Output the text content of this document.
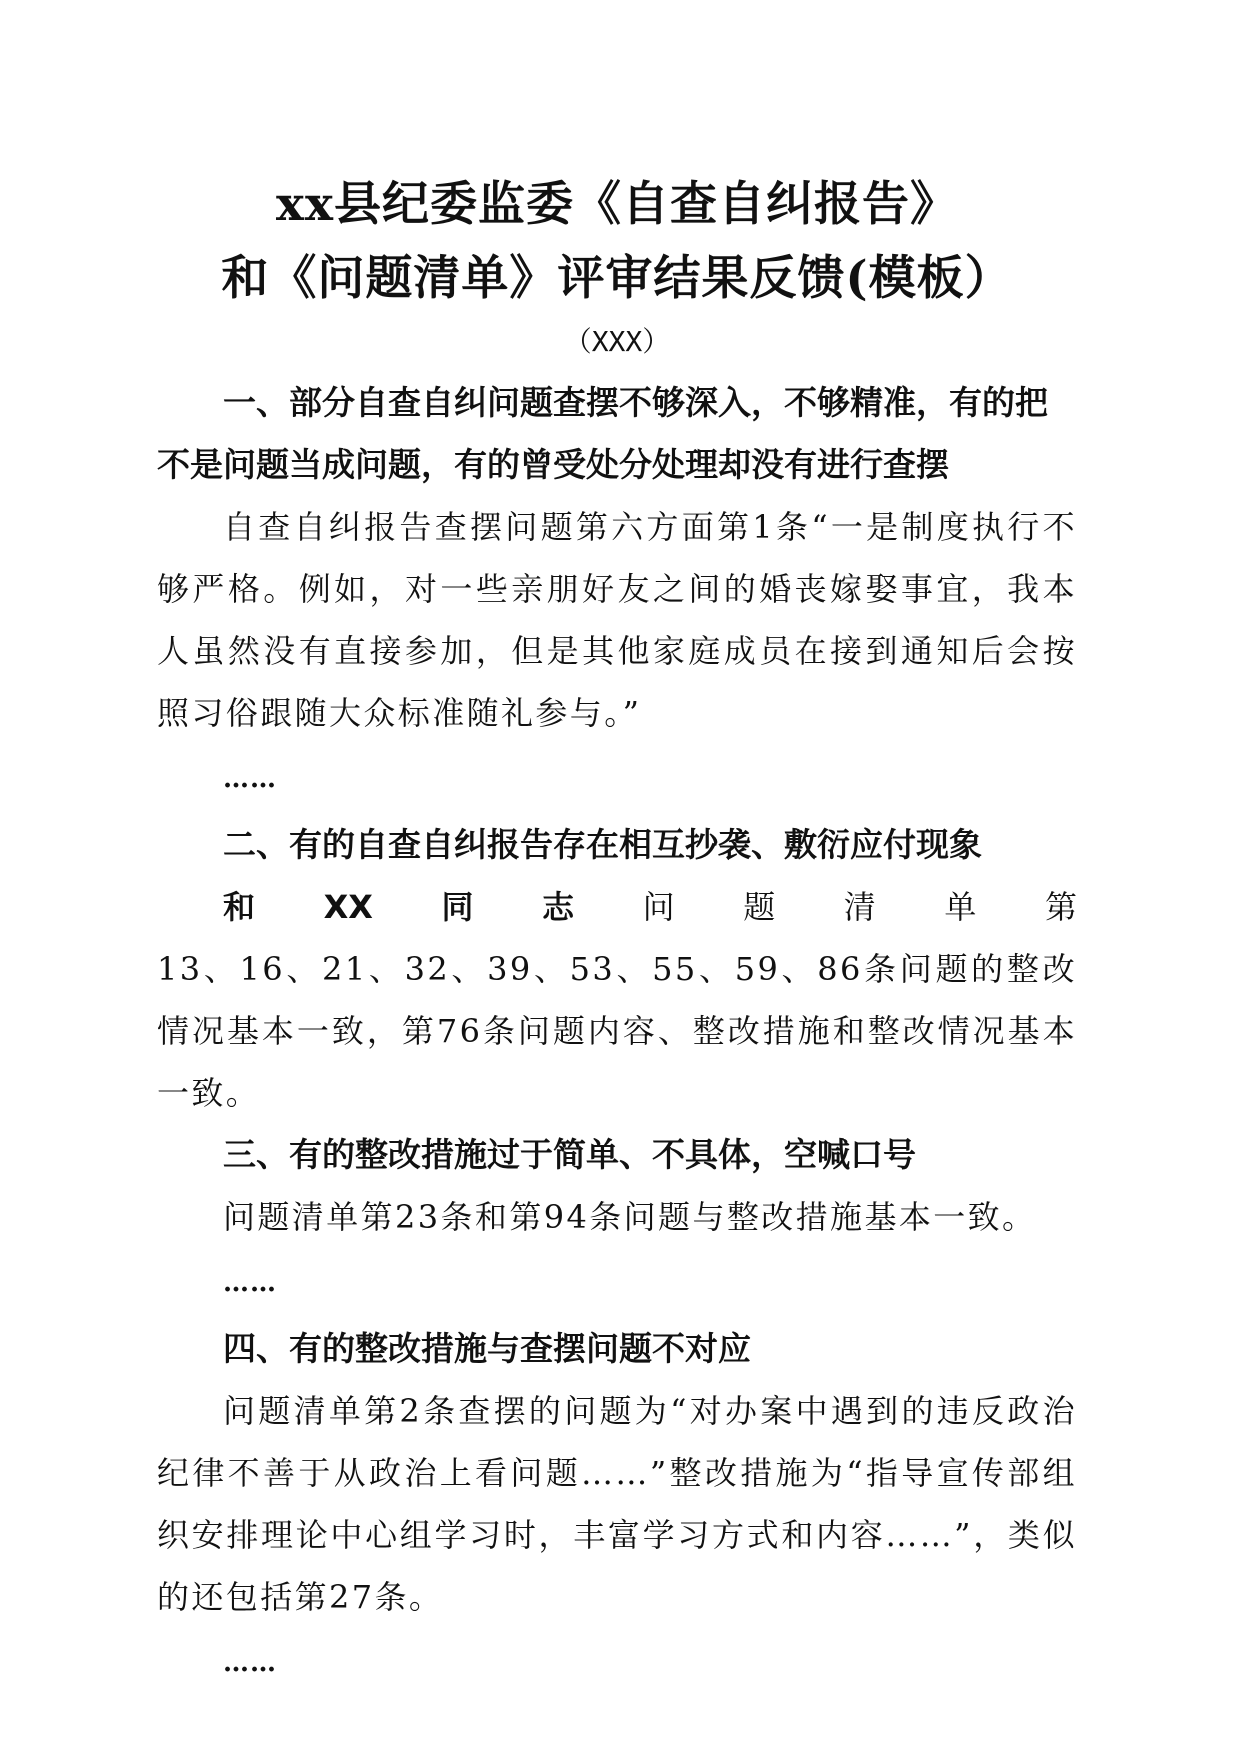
xx县纪委监委《自查自纠报告》
和《问题清单》评审结果反馈(模板）
（XXX）

一、部分自查自纠问题查摆不够深入，不够精准，有的把不是问题当成问题，有的曾受处分处理却没有进行查摆

自查自纠报告查摆问题第六方面第1条“一是制度执行不够严格。例如，对一些亲朋好友之间的婚丧嫁娶事宜，我本人虽然没有直接参加，但是其他家庭成员在接到通知后会按照习俗跟随大众标准随礼参与。”

……

二、有的自查自纠报告存在相互抄袭、敷衍应付现象

和 XX 同 志 问 题 清 单 第

13、16、21、32、39、53、55、59、86条问题的整改情况基本一致，第76条问题内容、整改措施和整改情况基本一致。

三、有的整改措施过于简单、不具体，空喊口号

问题清单第23条和第94条问题与整改措施基本一致。

……

四、有的整改措施与查摆问题不对应

问题清单第2条查摆的问题为“对办案中遇到的违反政治纪律不善于从政治上看问题……”整改措施为“指导宣传部组织安排理论中心组学习时，丰富学习方式和内容……”，类似的还包括第27条。

……
